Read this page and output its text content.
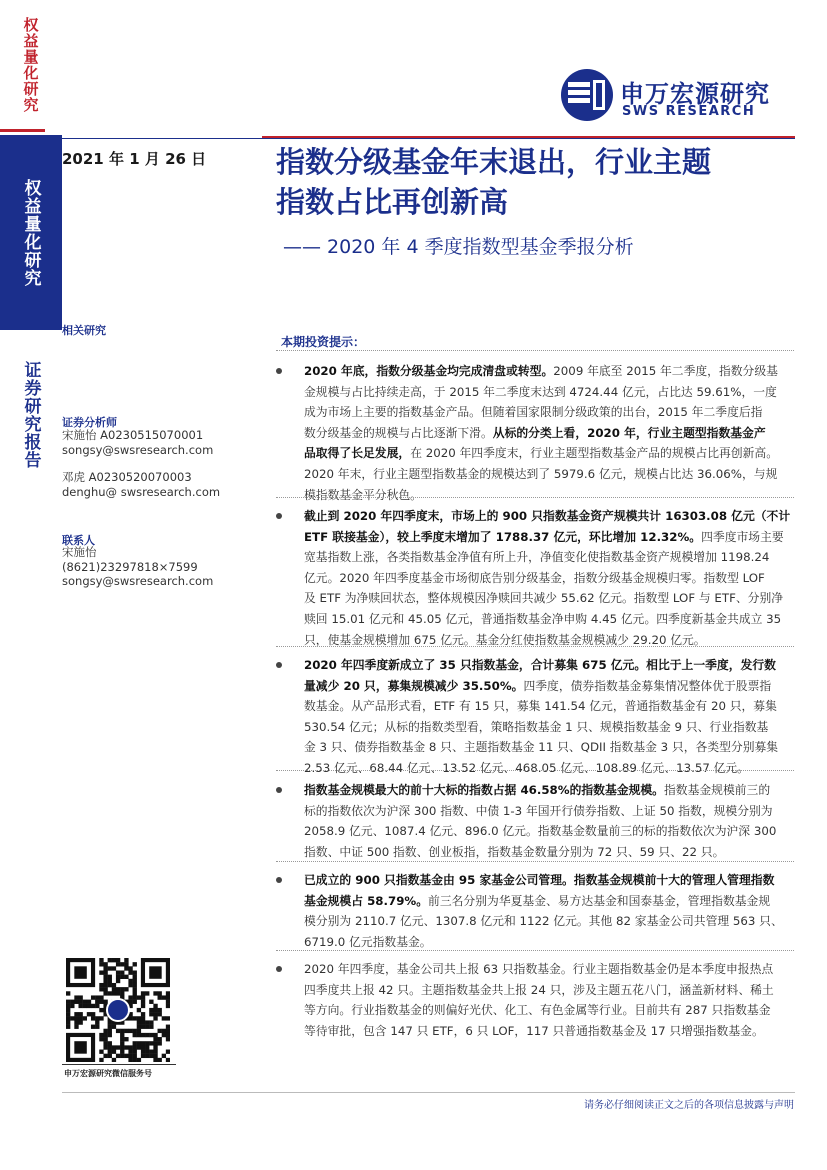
权益量化研究
权益量化研究
证券研究报告
申万宏源研究
SWS RESEARCH
2021 年 1 月 26 日 指数分级基金年末退出，行业主题
指数占比再创新高
—— 2020 年 4 季度指数型基金季报分析
相关研究
证券分析师
宋施怡 A0230515070001
songsy@swsresearch.com
邓虎 A0230520070003
denghu@ swsresearch.com
联系人
宋施怡
(8621)23297818×7599
songsy@swsresearch.com
申万宏源研究微信服务号
本期投资提示：
2020 年底，指数分级基金均完成清盘或转型。2009 年底至 2015 年二季度，指数分级基
金规模与占比持续走高，于 2015 年二季度末达到 4724.44 亿元，占比达 59.61%，一度
成为市场上主要的指数基金产品。但随着国家限制分级政策的出台，2015 年二季度后指
数分级基金的规模与占比逐渐下滑。从标的分类上看，2020 年，行业主题型指数基金产
品取得了长足发展，在 2020 年四季度末，行业主题型指数基金产品的规模占比再创新高。
2020 年末，行业主题型指数基金的规模达到了 5979.6 亿元，规模占比达 36.06%，与规
模指数基金平分秋色。
截止到 2020 年四季度末，市场上的 900 只指数基金资产规模共计 16303.08 亿元（不计
ETF 联接基金），较上季度末增加了 1788.37 亿元，环比增加 12.32%。四季度市场主要
宽基指数上涨，各类指数基金净值有所上升，净值变化使指数基金资产规模增加 1198.24
亿元。2020 年四季度基金市场彻底告别分级基金，指数分级基金规模归零。指数型 LOF
及 ETF 为净赎回状态，整体规模因净赎回共减少 55.62 亿元。指数型 LOF 与 ETF、分别净
赎回 15.01 亿元和 45.05 亿元，普通指数基金净申购 4.45 亿元。四季度新基金共成立 35
只，使基金规模增加 675 亿元。基金分红使指数基金规模减少 29.20 亿元。
2020 年四季度新成立了 35 只指数基金，合计募集 675 亿元。相比于上一季度，发行数
量减少 20 只，募集规模减少 35.50%。四季度，债券指数基金募集情况整体优于股票指
数基金。从产品形式看，ETF 有 15 只，募集 141.54 亿元，普通指数基金有 20 只，募集
530.54 亿元；从标的指数类型看，策略指数基金 1 只、规模指数基金 9 只、行业指数基
金 3 只、债券指数基金 8 只、主题指数基金 11 只、QDII 指数基金 3 只，各类型分别募集
2.53 亿元、68.44 亿元、13.52 亿元、468.05 亿元、108.89 亿元、13.57 亿元。
指数基金规模最大的前十大标的指数占据 46.58%的指数基金规模。指数基金规模前三的
标的指数依次为沪深 300 指数、中债 1-3 年国开行债券指数、上证 50 指数，规模分别为
2058.9 亿元、1087.4 亿元、896.0 亿元。指数基金数量前三的标的指数依次为沪深 300
指数、中证 500 指数、创业板指，指数基金数量分别为 72 只、59 只、22 只。
已成立的 900 只指数基金由 95 家基金公司管理。指数基金规模前十大的管理人管理指数
基金规模占 58.79%。前三名分别为华夏基金、易方达基金和国泰基金，管理指数基金规
模分别为 2110.7 亿元、1307.8 亿元和 1122 亿元。其他 82 家基金公司共管理 563 只、
6719.0 亿元指数基金。
2020 年四季度，基金公司共上报 63 只指数基金。行业主题指数基金仍是本季度申报热点
四季度共上报 42 只。主题指数基金共上报 24 只，涉及主题五花八门，涵盖新材料、稀土
等方向。行业指数基金的则偏好光伏、化工、有色金属等行业。目前共有 287 只指数基金
等待审批，包含 147 只 ETF，6 只 LOF，117 只普通指数基金及 17 只增强指数基金。
请务必仔细阅读正文之后的各项信息披露与声明
